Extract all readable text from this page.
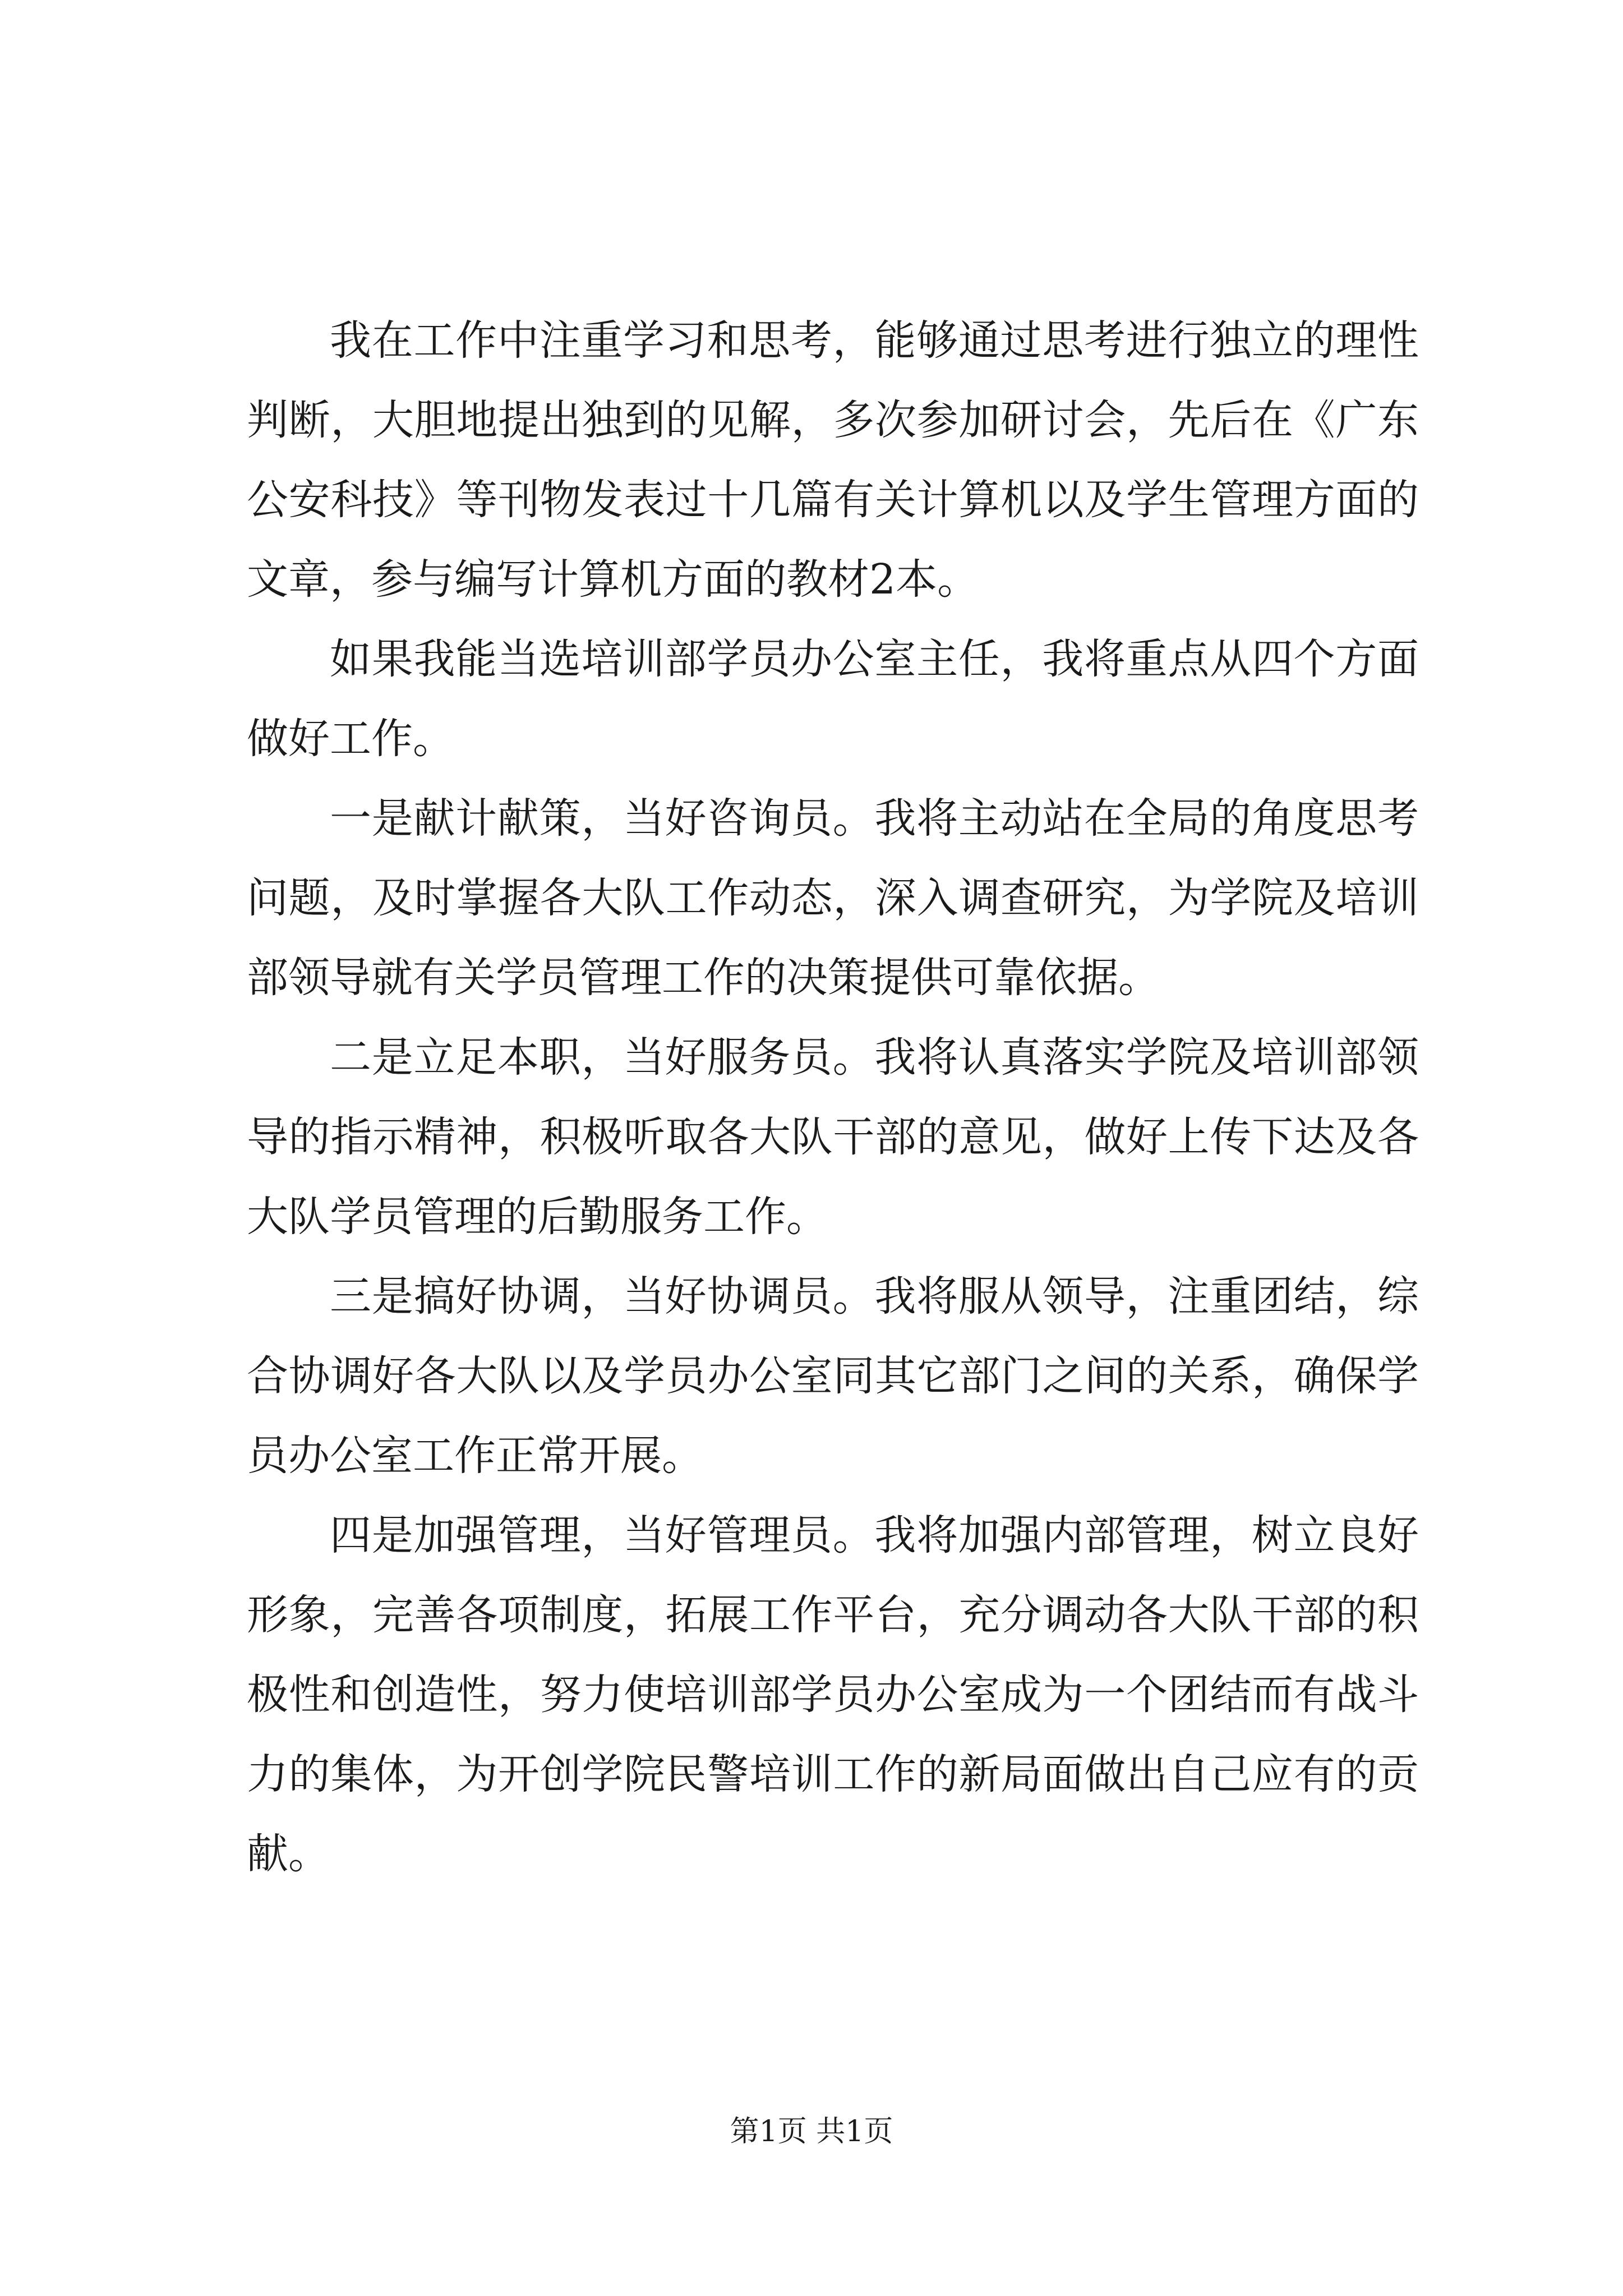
我在工作中注重学习和思考，能够通过思考进行独立的理性判断，大胆地提出独到的见解，多次参加研讨会，先后在《广东公安科技》等刊物发表过十几篇有关计算机以及学生管理方面的文章，参与编写计算机方面的教材2本。

如果我能当选培训部学员办公室主任，我将重点从四个方面做好工作。

一是献计献策，当好咨询员。我将主动站在全局的角度思考问题，及时掌握各大队工作动态，深入调查研究，为学院及培训部领导就有关学员管理工作的决策提供可靠依据。

二是立足本职，当好服务员。我将认真落实学院及培训部领导的指示精神，积极听取各大队干部的意见，做好上传下达及各大队学员管理的后勤服务工作。

三是搞好协调，当好协调员。我将服从领导，注重团结，综合协调好各大队以及学员办公室同其它部门之间的关系，确保学员办公室工作正常开展。

四是加强管理，当好管理员。我将加强内部管理，树立良好形象，完善各项制度，拓展工作平台，充分调动各大队干部的积极性和创造性，努力使培训部学员办公室成为一个团结而有战斗力的集体，为开创学院民警培训工作的新局面做出自己应有的贡献。

第1页 共1页
